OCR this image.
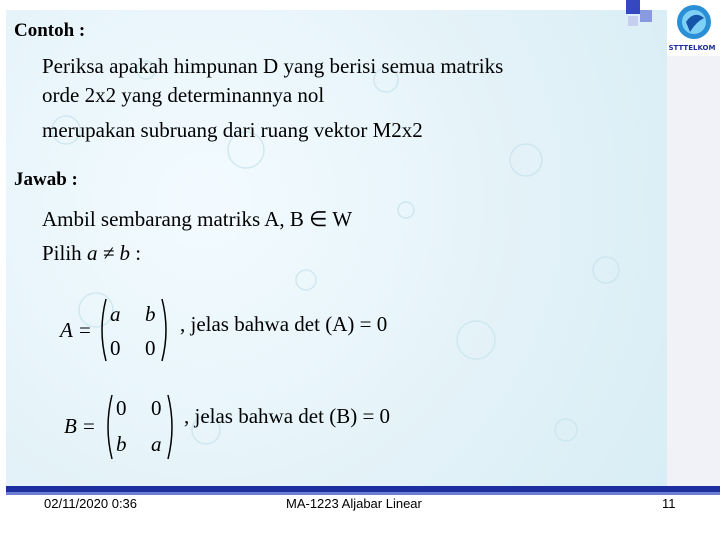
STTTELKOM
Contoh :
Periksa apakah himpunan D yang berisi semua matriks
orde 2x2 yang determinannya nol
merupakan subruang dari ruang vektor M2x2
Jawab :
Ambil sembarang matriks A, B ∈ W
Pilih a ≠ b :
A =
a b
0 0
, jelas bahwa det (A) = 0
B =
0 0
b a
, jelas bahwa det (B) = 0
02/11/2020 0:36	MA-1223 Aljabar Linear	11
